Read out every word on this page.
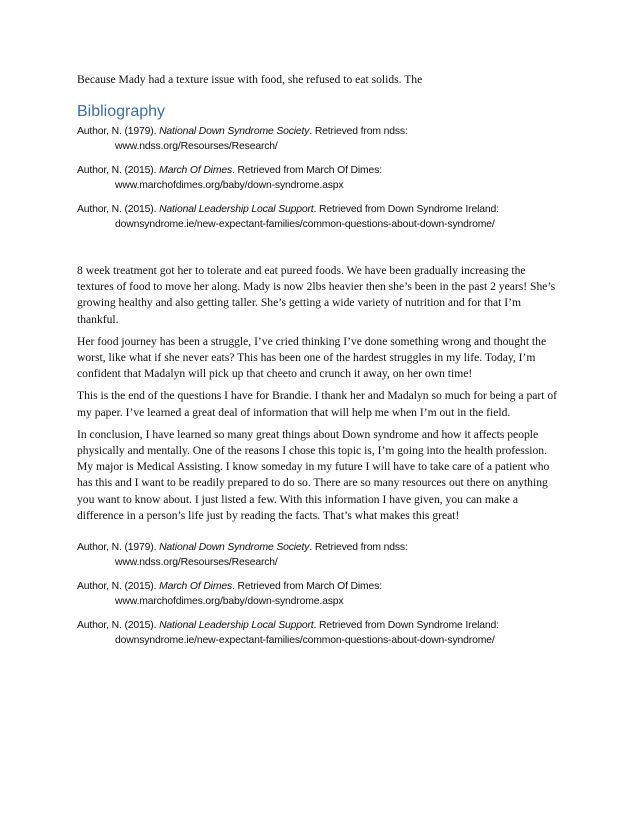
Because Mady had a texture issue with food, she refused to eat solids. The
Bibliography
Author, N. (1979). National Down Syndrome Society. Retrieved from ndss:
www.ndss.org/Resourses/Research/
Author, N. (2015). March Of Dimes. Retrieved from March Of Dimes:
www.marchofdimes.org/baby/down-syndrome.aspx
Author, N. (2015). National Leadership Local Support. Retrieved from Down Syndrome Ireland:
downsyndrome.ie/new-expectant-families/common-questions-about-down-syndrome/

8 week treatment got her to tolerate and eat pureed foods. We have been gradually increasing the textures of food to move her along. Mady is now 2lbs heavier then she’s been in the past 2 years! She’s growing healthy and also getting taller. She’s getting a wide variety of nutrition and for that I’m thankful.

Her food journey has been a struggle, I’ve cried thinking I’ve done something wrong and thought the worst, like what if she never eats? This has been one of the hardest struggles in my life. Today, I’m confident that Madalyn will pick up that cheeto and crunch it away, on her own time!

This is the end of the questions I have for Brandie. I thank her and Madalyn so much for being a part of my paper. I’ve learned a great deal of information that will help me when I’m out in the field.

In conclusion, I have learned so many great things about Down syndrome and how it affects people physically and mentally. One of the reasons I chose this topic is, I’m going into the health profession. My major is Medical Assisting. I know someday in my future I will have to take care of a patient who has this and I want to be readily prepared to do so. There are so many resources out there on anything you want to know about. I just listed a few. With this information I have given, you can make a difference in a person’s life just by reading the facts. That’s what makes this great!

Author, N. (1979). National Down Syndrome Society. Retrieved from ndss:
www.ndss.org/Resourses/Research/
Author, N. (2015). March Of Dimes. Retrieved from March Of Dimes:
www.marchofdimes.org/baby/down-syndrome.aspx
Author, N. (2015). National Leadership Local Support. Retrieved from Down Syndrome Ireland:
downsyndrome.ie/new-expectant-families/common-questions-about-down-syndrome/
